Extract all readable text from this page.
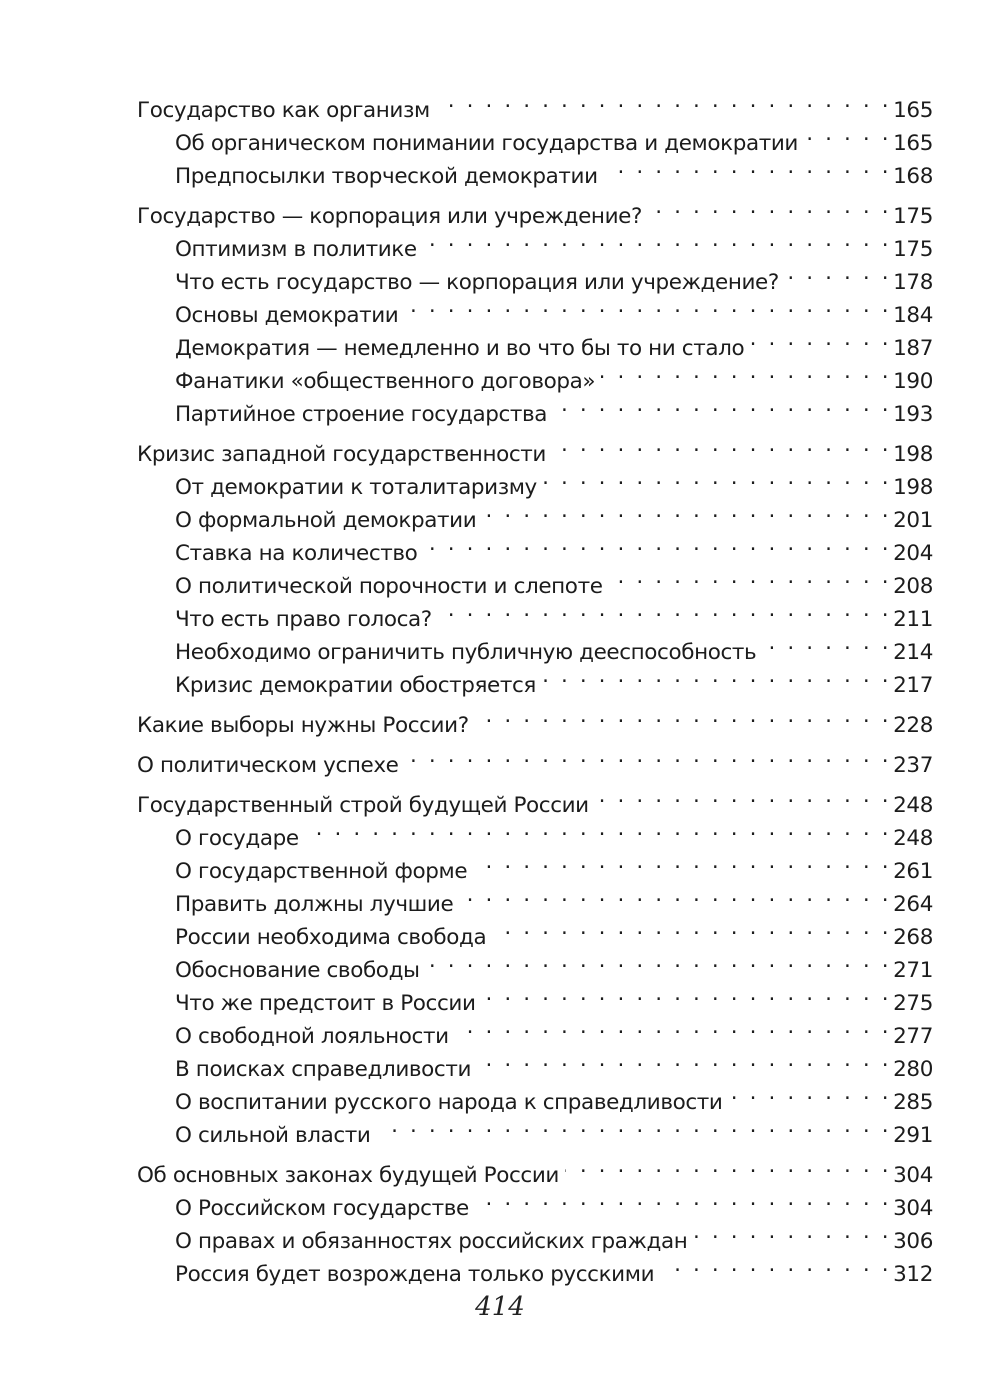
Государство как организм . . .	165
Об органическом понимании государства и демократии . . .	165
Предпосылки творческой демократии . . .	168
Государство — корпорация или учреждение? . . .	175
Оптимизм в политике . . .	175
Что есть государство — корпорация или учреждение? . . .	178
Основы демократии . . .	184
Демократия — немедленно и во что бы то ни стало . . .	187
Фанатики «общественного договора» . . .	190
Партийное строение государства . . .	193
Кризис западной государственности . . .	198
От демократии к тоталитаризму . . .	198
О формальной демократии . . .	201
Ставка на количество . . .	204
О политической порочности и слепоте . . .	208
Что есть право голоса? . . .	211
Необходимо ограничить публичную дееспособность . . .	214
Кризис демократии обостряется . . .	217
Какие выборы нужны России? . . .	228
О политическом успехе . . .	237
Государственный строй будущей России . . .	248
О государе . . .	248
О государственной форме . . .	261
Править должны лучшие . . .	264
России необходима свобода . . .	268
Обоснование свободы . . .	271
Что же предстоит в России . . .	275
О свободной лояльности . . .	277
В поисках справедливости . . .	280
О воспитании русского народа к справедливости . . .	285
О сильной власти . . .	291
Об основных законах будущей России . . .	304
О Российском государстве . . .	304
О правах и обязанностях российских граждан . . .	306
Россия будет возрождена только русскими . . .	312
414
